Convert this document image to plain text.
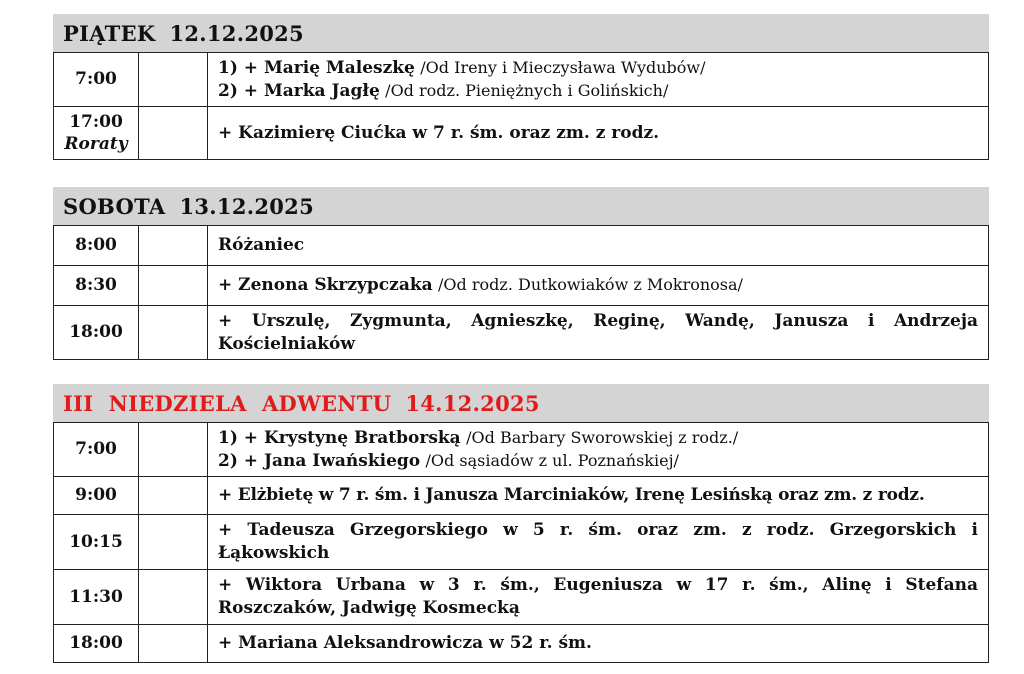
PIĄTEK 12.12.2025
7:00		1) + Marię Maleszkę /Od Ireny i Mieczysława Wydubów/
2) + Marka Jagłę /Od rodz. Pieniężnych i Golińskich/

17:00
Roraty		+ Kazimierę Ciućka w 7 r. śm. oraz zm. z rodz.
SOBOTA 13.12.2025
8:00		Różaniec
8:30		+ Zenona Skrzypczaka /Od rodz. Dutkowiaków z Mokronosa/
18:00		+ Urszulę, Zygmunta, Agnieszkę, Reginę, Wandę, Janusza i Andrzeja Kościelniaków
III  NIEDZIELA  ADWENTU 14.12.2025
7:00		1) + Krystynę Bratborską /Od Barbary Sworowskiej z rodz./
2) + Jana Iwańskiego /Od sąsiadów z ul. Poznańskiej/

9:00		+ Elżbietę w 7 r. śm. i Janusza Marciniaków, Irenę Lesińską oraz zm. z rodz.
10:15		+ Tadeusza Grzegorskiego w 5 r. śm. oraz zm. z rodz. Grzegorskich i Łąkowskich
11:30		+ Wiktora Urbana w 3 r. śm., Eugeniusza w 17 r. śm., Alinę i Stefana Roszczaków, Jadwigę Kosmecką
18:00		+ Mariana Aleksandrowicza w 52 r. śm.
